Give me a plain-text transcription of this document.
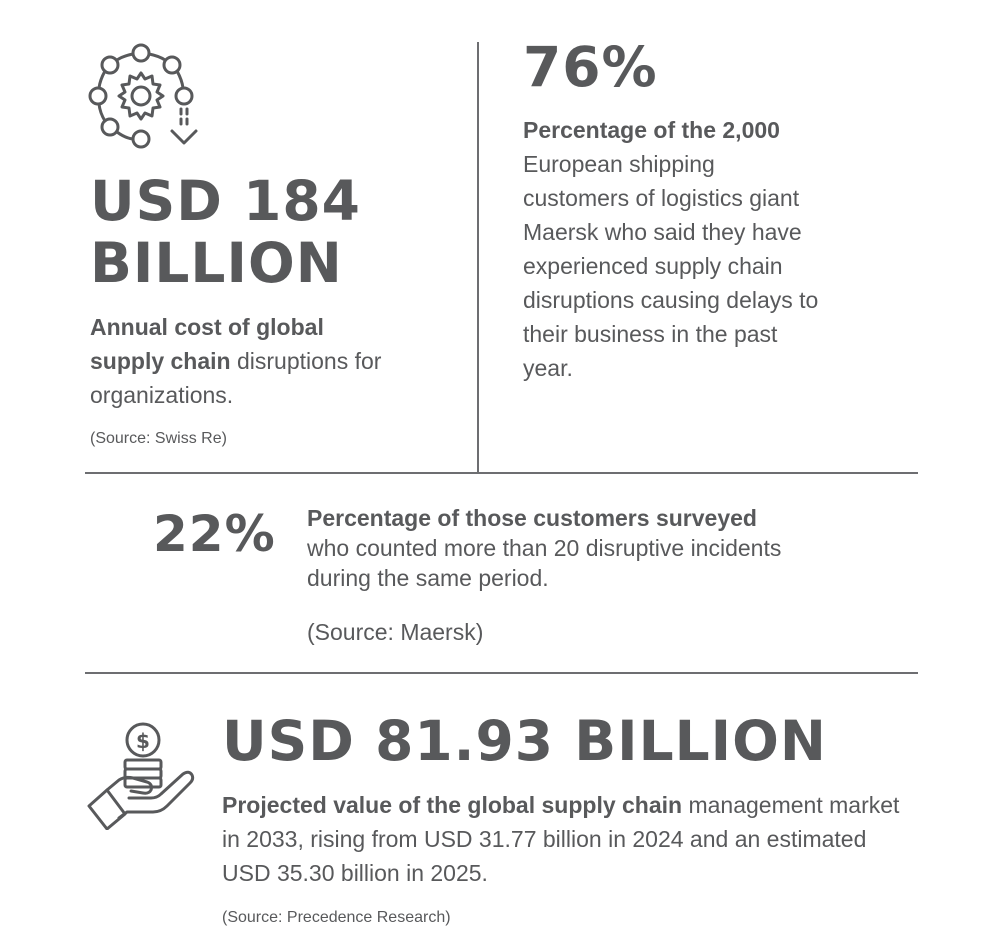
USD 184
BILLION

Annual cost of global supply chain disruptions for organizations.

(Source: Swiss Re)

76%

Percentage of the 2,000
European shipping customers of logistics giant Maersk who said they have experienced supply chain disruptions causing delays to their business in the past year.

22% Percentage of those customers surveyed
who counted more than 20 disruptive incidents during the same period.

(Source: Maersk)

$ USD 81.93 BILLION

Projected value of the global supply chain management market in 2033, rising from USD 31.77 billion in 2024 and an estimated USD 35.30 billion in 2025.

(Source: Precedence Research)
